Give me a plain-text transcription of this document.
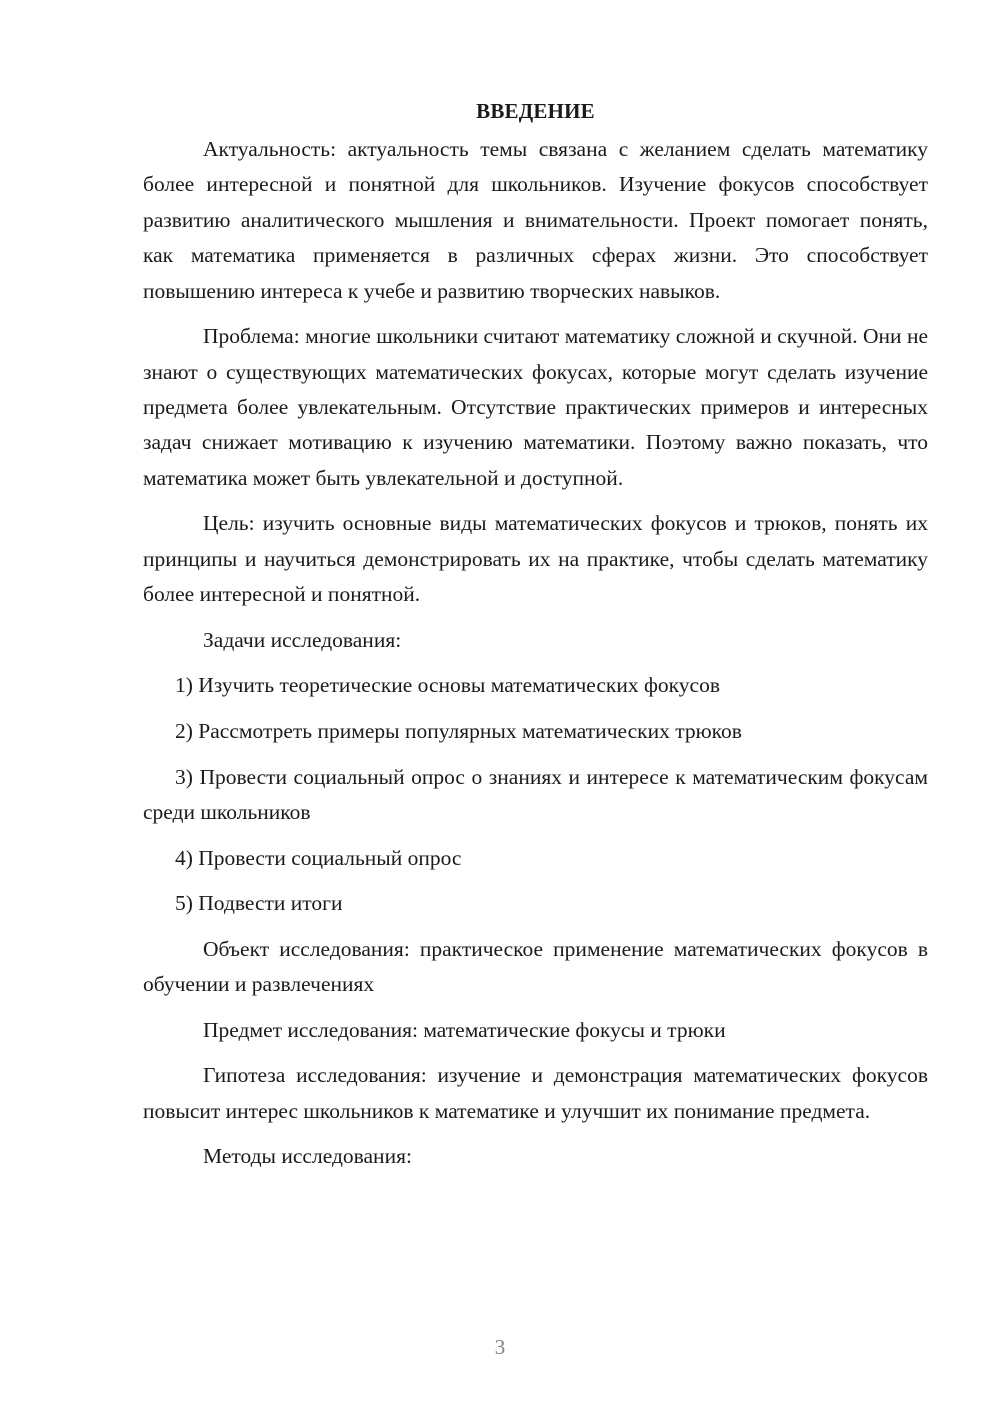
ВВЕДЕНИЕ

Актуальность: актуальность темы связана с желанием сделать математику более интересной и понятной для школьников. Изучение фокусов способствует развитию аналитического мышления и внимательности. Проект помогает понять, как математика применяется в различных сферах жизни. Это способствует повышению интереса к учебе и развитию творческих навыков.

Проблема: многие школьники считают математику сложной и скучной. Они не знают о существующих математических фокусах, которые могут сделать изучение предмета более увлекательным. Отсутствие практических примеров и интересных задач снижает мотивацию к изучению математики. Поэтому важно показать, что математика может быть увлекательной и доступной.

Цель: изучить основные виды математических фокусов и трюков, понять их принципы и научиться демонстрировать их на практике, чтобы сделать математику более интересной и понятной.

Задачи исследования:

1) Изучить теоретические основы математических фокусов

2) Рассмотреть примеры популярных математических трюков

3) Провести социальный опрос о знаниях и интересе к математическим фокусам среди школьников

4) Провести социальный опрос

5) Подвести итоги

Объект исследования: практическое применение математических фокусов в обучении и развлечениях

Предмет исследования: математические фокусы и трюки

Гипотеза исследования: изучение и демонстрация математических фокусов повысит интерес школьников к математике и улучшит их понимание предмета.

Методы исследования:

3
